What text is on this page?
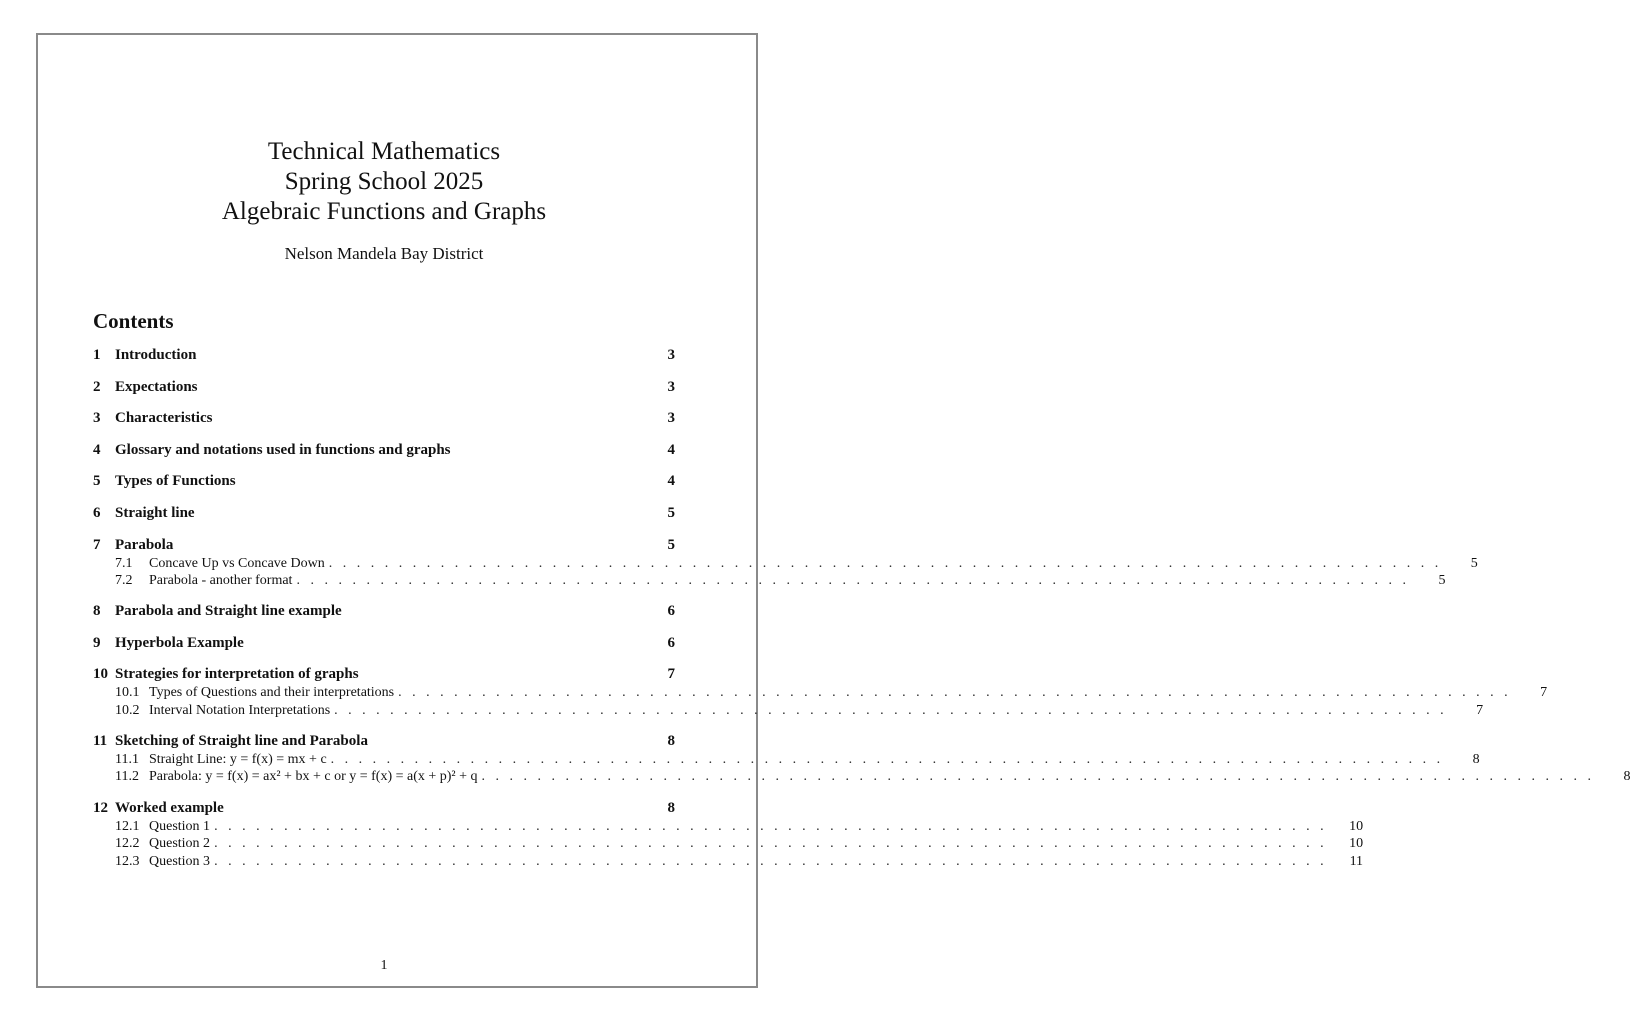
Technical Mathematics
Spring School 2025
Algebraic Functions and Graphs
Nelson Mandela Bay District
Contents
1 Introduction	3
2 Expectations	3
3 Characteristics	3
4 Glossary and notations used in functions and graphs	4
5 Types of Functions	4
6 Straight line	5
7 Parabola	5
7.1	Concave Up vs Concave Down . . . . . . . . . . . . . . . . . . . . . . . . . . . . . . . . . . . . . . . . . . . . . . . . . . . . . . . . . . . . . . . . . . . . . . . . . . . . . . . .	5
7.2	Parabola - another format . . . . . . . . . . . . . . . . . . . . . . . . . . . . . . . . . . . . . . . . . . . . . . . . . . . . . . . . . . . . . . . . . . . . . . . . . . . . . . . .	5
8 Parabola and Straight line example	6
9 Hyperbola Example	6
10 Strategies for interpretation of graphs	7
10.1 Types of Questions and their interpretations . . . . . . . . . . . . . . . . . . . . . . . . . . . . . . . . . . . . . . . . . . . . . . . . . . . . . . . . . . . . . . . . . . . . . . . . . . . . . . . .	7
10.2 Interval Notation Interpretations . . . . . . . . . . . . . . . . . . . . . . . . . . . . . . . . . . . . . . . . . . . . . . . . . . . . . . . . . . . . . . . . . . . . . . . . . . . . . . . .	7
11 Sketching of Straight line and Parabola	8
11.1 Straight Line: y = f(x) = mx + c . . . . . . . . . . . . . . . . . . . . . . . . . . . . . . . . . . . . . . . . . . . . . . . . . . . . . . . . . . . . . . . . . . . . . . . . . . . . . . . .	8
11.2 Parabola: y = f(x) = ax² + bx + c or y = f(x) = a(x + p)² + q . . . . . . . . . . . . . . . . . . . . . . . . . . . . . . . . . . . . . . . . . . . . . . . . . . . . . . . . . . . . . . . . . . . . . . . . . . . . . . . .	8
12 Worked example	8
12.1 Question 1 . . . . . . . . . . . . . . . . . . . . . . . . . . . . . . . . . . . . . . . . . . . . . . . . . . . . . . . . . . . . . . . . . . . . . . . . . . . . . . . . 10
12.2 Question 2 . . . . . . . . . . . . . . . . . . . . . . . . . . . . . . . . . . . . . . . . . . . . . . . . . . . . . . . . . . . . . . . . . . . . . . . . . . . . . . . . 10
12.3 Question 3 . . . . . . . . . . . . . . . . . . . . . . . . . . . . . . . . . . . . . . . . . . . . . . . . . . . . . . . . . . . . . . . . . . . . . . . . . . . . . . . .	11
1
